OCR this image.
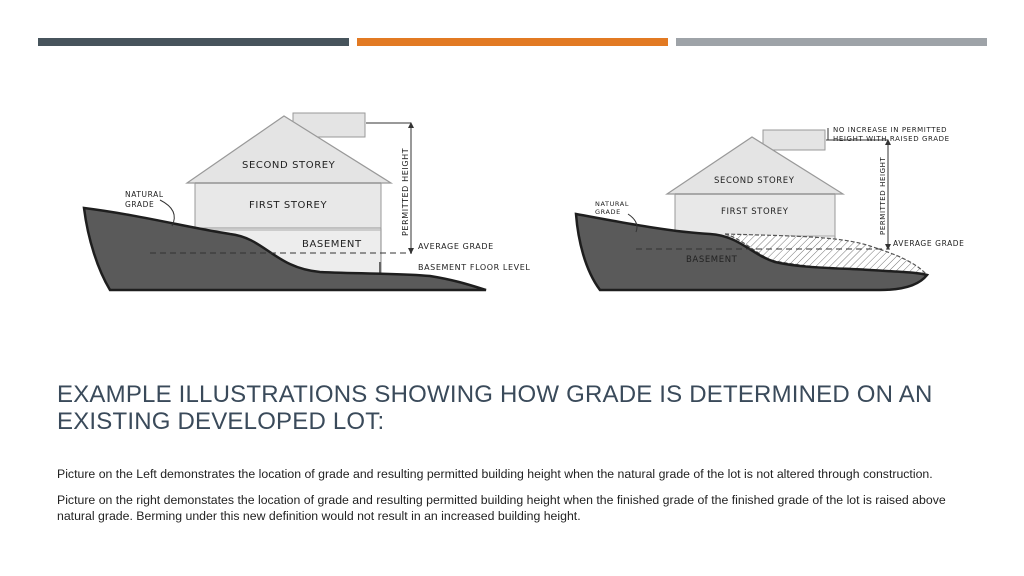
SECOND STOREY
FIRST STOREY
BASEMENT
NATURAL
GRADE	PERMITTED HEIGHT
AVERAGE GRADE
BASEMENT FLOOR LEVEL
SECOND STOREY
FIRST STOREY
BASEMENT
NATURAL
GRADE	PERMITTED HEIGHT
AVERAGE GRADE
NO INCREASE IN PERMITTED
HEIGHT WITH RAISED GRADE
EXAMPLE ILLUSTRATIONS SHOWING HOW GRADE IS DETERMINED ON AN EXISTING DEVELOPED LOT:

Picture on the Left demonstrates the location of grade and resulting permitted building height when the natural grade of the lot is not altered through construction.

Picture on the right demonstates the location of grade and resulting permitted building height when the finished grade of the finished grade of the lot is raised above natural grade. Berming under this new definition would not result in an increased building height.
